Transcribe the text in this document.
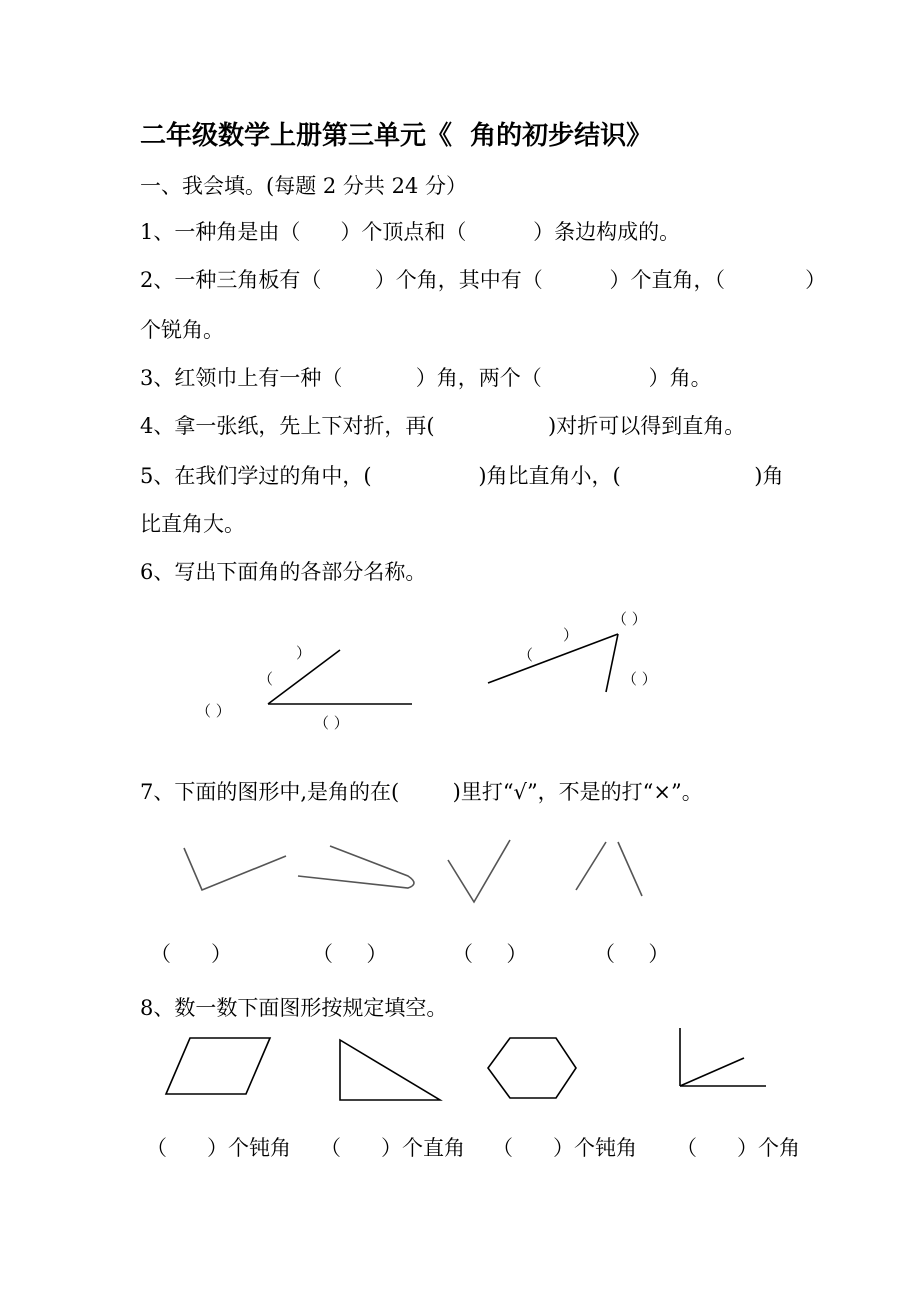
二年级数学上册第三单元《  角的初步结识》
一、我会填。(每题 2 分共 24 分）
1、一种角是由（      ）个顶点和（          ）条边构成的。
2、一种三角板有（        ）个角，其中有（          ）个直角，（            ）
个锐角。
3、红领巾上有一种（           ）角，两个（                ）角。
4、拿一张纸，先上下对折，再(                 )对折可以得到直角。
5、在我们学过的角中，(                )角比直角小，(                    )角
比直角大。
6、写出下面角的各部分名称。
）
（
（ ）
（ ）
（
）
（ ）
（ ）
7、下面的图形中,是角的在(        )里打“√”，不是的打“×”。
（      ）	（     ）	（     ）	（     ）
8、数一数下面图形按规定填空。
（      ）个钝角 （      ）个直角 （      ）个钝角 （      ）个角
